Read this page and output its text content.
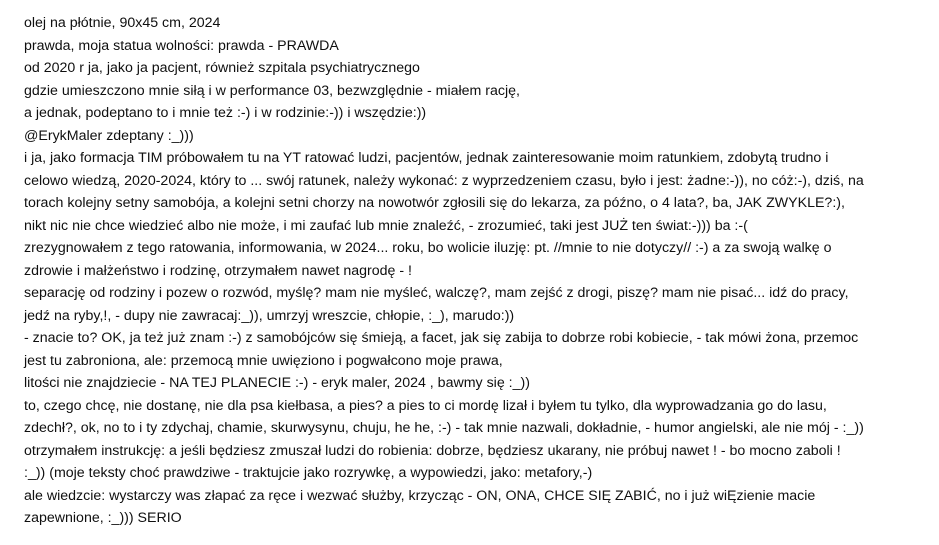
olej na płótnie, 90x45 cm, 2024
prawda, moja statua wolności: prawda - PRAWDA
od 2020 r ja, jako ja pacjent, również szpitala psychiatrycznego
gdzie umieszczono mnie siłą i w performance 03, bezwzględnie - miałem rację,
a jednak, podeptano to i mnie też :-) i w rodzinie:-)) i wszędzie:))
@ErykMaler zdeptany :_)))
i ja, jako formacja TIM próbowałem tu na YT ratować ludzi, pacjentów, jednak zainteresowanie moim ratunkiem, zdobytą trudno i
celowo wiedzą, 2020-2024, który to ... swój ratunek, należy wykonać: z wyprzedzeniem czasu, było i jest: żadne:-)), no cóż:-), dziś, na
torach kolejny setny samobója, a kolejni setni chorzy na nowotwór zgłosili się do lekarza, za późno, o 4 lata?, ba, JAK ZWYKLE?:),
nikt nic nie chce wiedzieć albo nie może, i mi zaufać lub mnie znaleźć, - zrozumieć, taki jest JUŻ ten świat:-))) ba :-(
zrezygnowałem z tego ratowania, informowania, w 2024... roku, bo wolicie iluzję: pt. //mnie to nie dotyczy// :-) a za swoją walkę o
zdrowie i małżeństwo i rodzinę, otrzymałem nawet nagrodę - !
separację od rodziny i pozew o rozwód, myślę? mam nie myśleć, walczę?, mam zejść z drogi, piszę? mam nie pisać... idź do pracy,
jedź na ryby,!, - dupy nie zawracaj:_)), umrzyj wreszcie, chłopie, :_), marudo:))
- znacie to? OK, ja też już znam :-) z samobójców się śmieją, a facet, jak się zabija to dobrze robi kobiecie, - tak mówi żona, przemoc
jest tu zabroniona, ale: przemocą mnie uwięziono i pogwałcono moje prawa,
litości nie znajdziecie - NA TEJ PLANECIE :-) - eryk maler, 2024 , bawmy się :_))
to, czego chcę, nie dostanę, nie dla psa kiełbasa, a pies? a pies to ci mordę lizał i byłem tu tylko, dla wyprowadzania go do lasu,
zdechł?, ok, no to i ty zdychaj, chamie, skurwysynu, chuju, he he, :-) - tak mnie nazwali, dokładnie, - humor angielski, ale nie mój - :_))
otrzymałem instrukcję: a jeśli będziesz zmuszał ludzi do robienia: dobrze, będziesz ukarany, nie próbuj nawet ! - bo mocno zaboli !
:_)) (moje teksty choć prawdziwe - traktujcie jako rozrywkę, a wypowiedzi, jako: metafory,-)
ale wiedzcie: wystarczy was złapać za ręce i wezwać służby, krzycząc - ON, ONA, CHCE SIĘ ZABIĆ, no i już wiĘzienie macie
zapewnione, :_))) SERIO
